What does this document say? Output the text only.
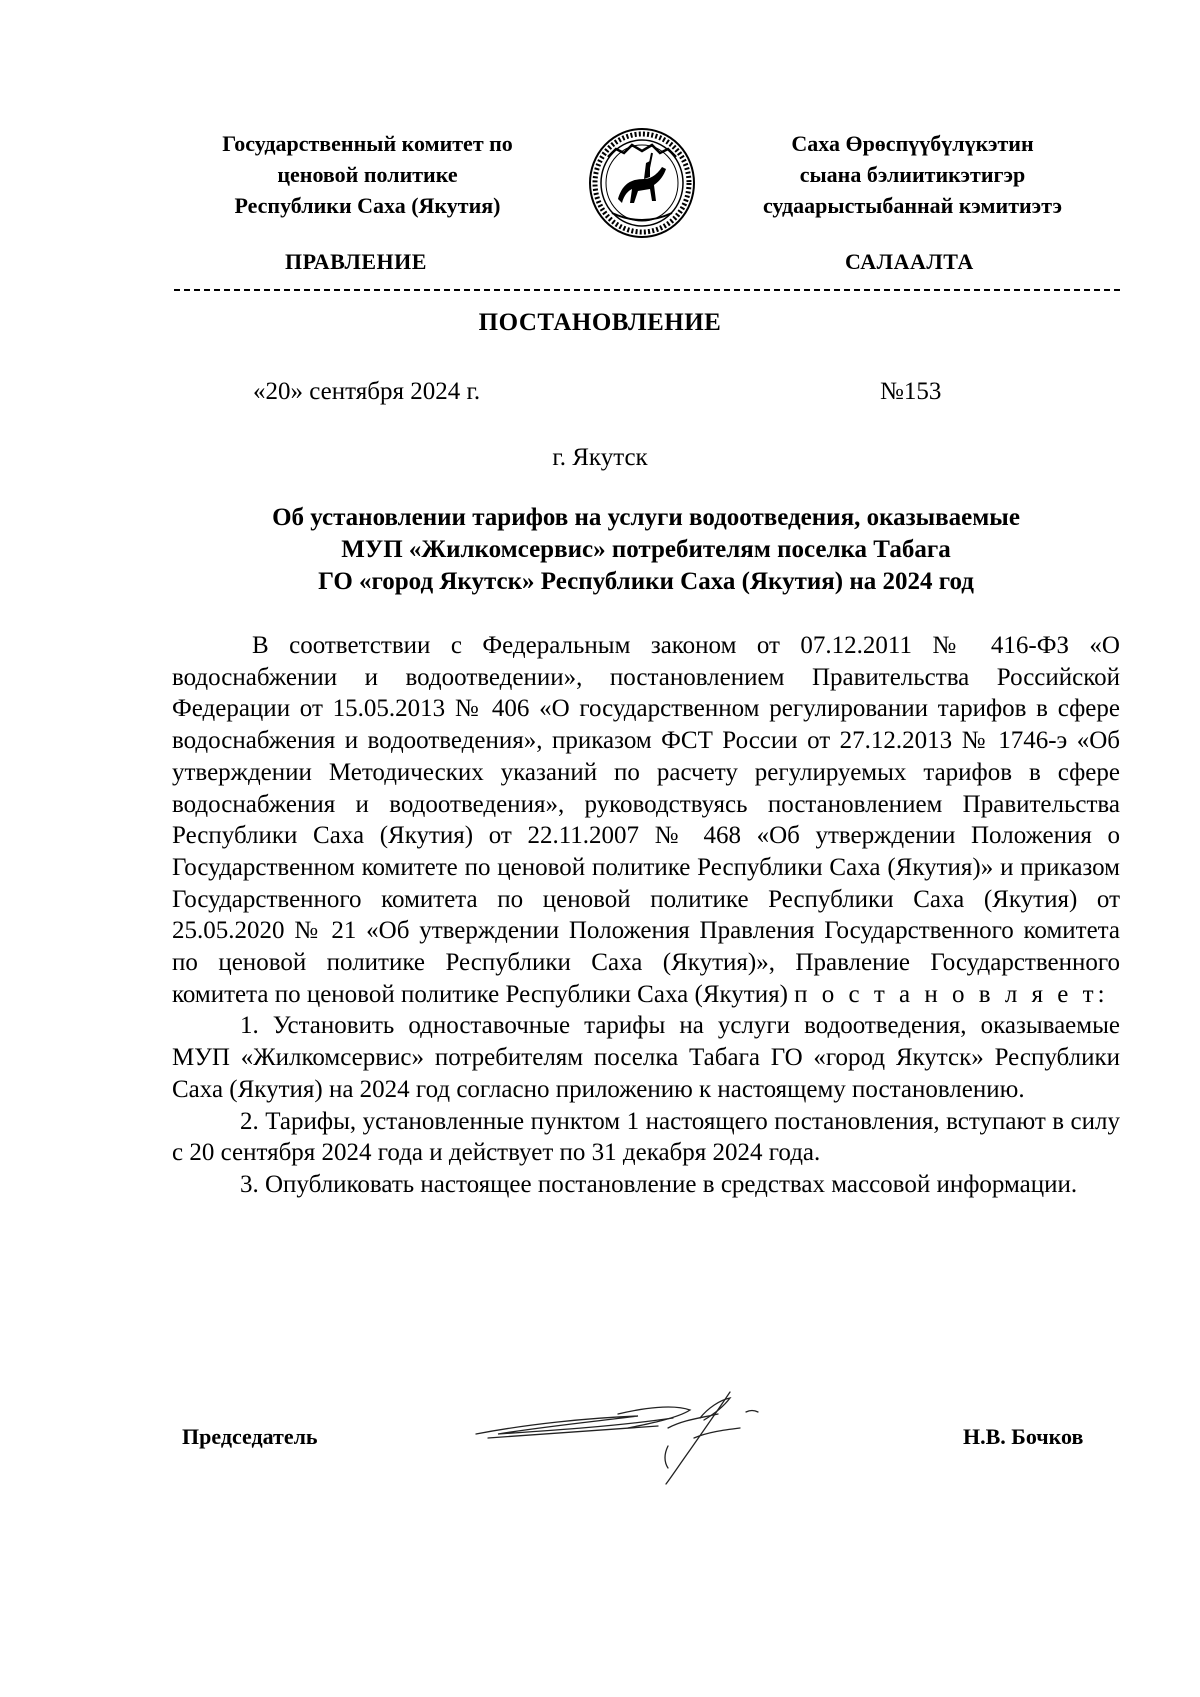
Государственный комитет по
ценовой политике
Республики Саха (Якутия)
Саха Өрөспүүбүлүкэтин
сыана бэлиитикэтигэр
судаарыстыбаннай кэмитиэтэ
ПРАВЛЕНИЕ	САЛААЛТА
ПОСТАНОВЛЕНИЕ
«20» сентября 2024 г.	№153
г. Якутск
Об установлении тарифов на услуги водоотведения, оказываемые
МУП «Жилкомсервис» потребителям поселка Табага
ГО «город Якутск» Республики Саха (Якутия) на 2024 год

В соответствии с Федеральным законом от 07.12.2011 № 416-ФЗ «О водоснабжении и водоотведении», постановлением Правительства Российской Федерации от 15.05.2013 № 406 «О государственном регулировании тарифов в сфере водоснабжения и водоотведения», приказом ФСТ России от 27.12.2013 № 1746-э «Об утверждении Методических указаний по расчету регулируемых тарифов в сфере водоснабжения и водоотведения», руководствуясь постановлением Правительства Республики Саха (Якутия) от 22.11.2007 № 468 «Об утверждении Положения о Государственном комитете по ценовой политике Республики Саха (Якутия)» и приказом Государственного комитета по ценовой политике Республики Саха (Якутия) от 25.05.2020 № 21 «Об утверждении Положения Правления Государственного комитета по ценовой политике Республики Саха (Якутия)», Правление Государственного комитета по ценовой политике Республики Саха (Якутия) п о с т а н о в л я е т:

1. Установить одноставочные тарифы на услуги водоотведения, оказываемые МУП «Жилкомсервис» потребителям поселка Табага ГО «город Якутск» Республики Саха (Якутия) на 2024 год согласно приложению к настоящему постановлению.

2. Тарифы, установленные пунктом 1 настоящего постановления, вступают в силу с 20 сентября 2024 года и действует по 31 декабря 2024 года.

3. Опубликовать настоящее постановление в средствах массовой информации.

Председатель	Н.В. Бочков
